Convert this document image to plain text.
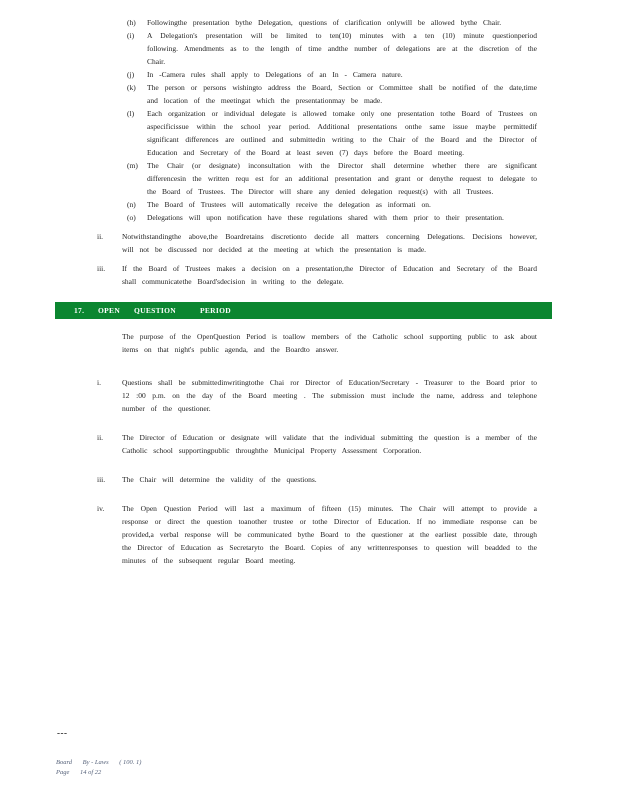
(h)	Followingthe presentation bythe Delegation, questions of clarification onlywill be allowed bythe Chair.
(i)	A Delegation's presentation will be limited to ten(10) minutes with a ten (10) minute questionperiod following. Amendments as to the length of time andthe number of delegations are at the discretion of the Chair.
(j)	In -Camera rules shall apply to Delegations of an In - Camera nature.
(k)	The person or persons wishingto address the Board, Section or Committee shall be notified of the date,time and location of the meetingat which the presentationmay be made.
(l)	Each organization or individual delegate is allowed tomake only one presentation tothe Board of Trustees on aspecificissue within the school year period. Additional presentations onthe same issue maybe permittedif significant differences are outlined and submittedin writing to the Chair of the Board and the Director of Education and Secretary of the Board at least seven (7) days before the Board meeting.
(m)	The Chair (or designate) inconsultation with the Director shall determine whether there are significant differencesin the written requ est for an additional presentation and grant or denythe request to delegate to the Board of Trustees. The Director will share any denied delegation request(s) with all Trustees.
(n)	The Board of Trustees will automatically receive the delegation as informati on.
(o)	Delegations will upon notification have these regulations shared with them prior to their presentation.
ii.	Notwithstandingthe above,the Boardretains discretionto decide all matters concerning Delegations. Decisions however, will not be discussed nor decided at the meeting at which the presentation is made.
iii.	If the Board of Trustees makes a decision on a presentation,the Director of Education and Secretary of the Board shall communicatethe Board'sdecision in writing to the delegate.
17. OPEN QUESTION	PERIOD
The purpose of the OpenQuestion Period is toallow members of the Catholic school supporting public to ask about items on that night's public agenda, and the Boardto answer.
i.	Questions shall be submittedinwritingtothe Chai ror Director of Education/Secretary - Treasurer to the Board prior to 12 :00 p.m. on the day of the Board meeting . The submission must include the name, address and telephone number of the questioner.
ii.	The Director of Education or designate will validate that the individual submitting the question is a member of the Catholic school supportingpublic throughthe Municipal Property Assessment Corporation.
iii.	The Chair will determine the validity of the questions.
iv.	The Open Question Period will last a maximum of fifteen (15) minutes. The Chair will attempt to provide a response or direct the question toanother trustee or tothe Director of Education. If no immediate response can be provided,a verbal response will be communicated bythe Board to the questioner at the earliest possible date, through the Director of Education as Secretaryto the Board. Copies of any writtenresponses to question will beadded to the minutes of the subsequent regular Board meeting.
---
Board By - Laws ( 100. 1)
Page 14 of 22
